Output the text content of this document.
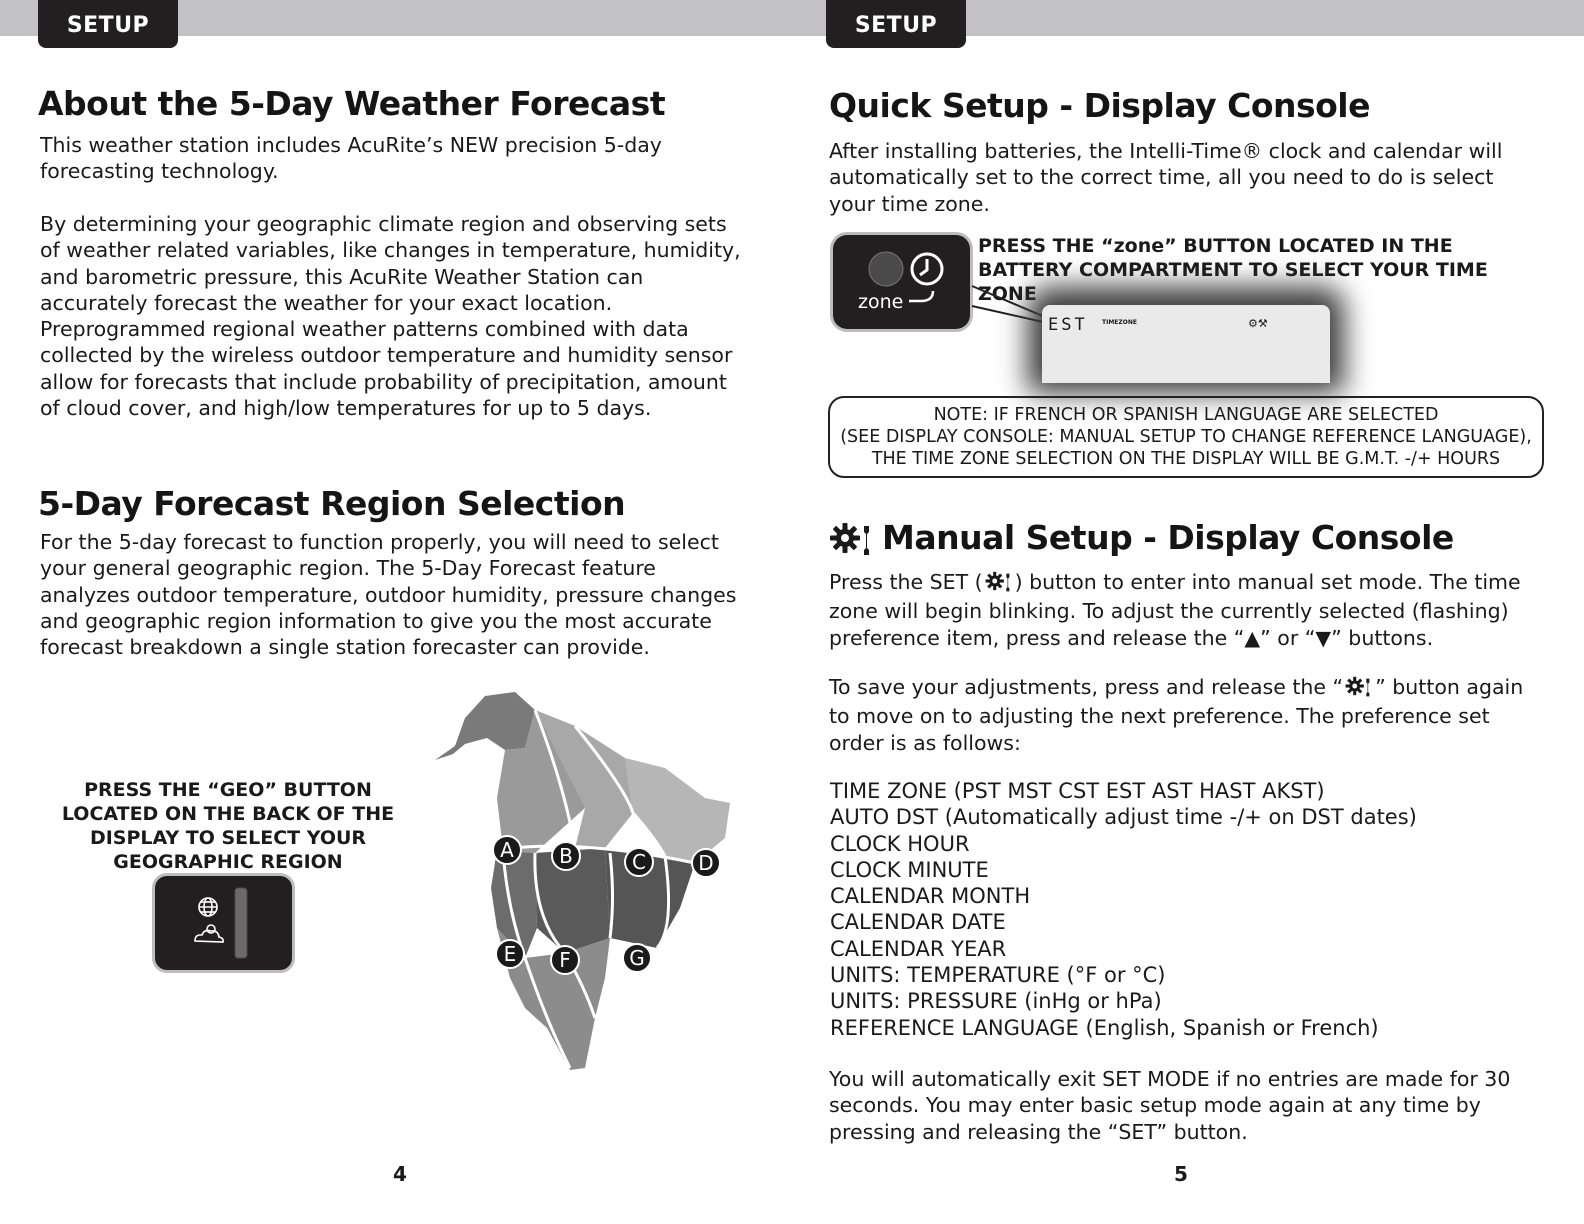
SETUP	SETUP
About the 5-Day Weather Forecast

This weather station includes AcuRite’s NEW precision 5-day forecasting technology.

By determining your geographic climate region and observing sets of weather related variables, like changes in temperature, humidity, and barometric pressure, this AcuRite Weather Station can accurately forecast the weather for your exact location. Preprogrammed regional weather patterns combined with data collected by the wireless outdoor temperature and humidity sensor allow for forecasts that include probability of precipitation, amount of cloud cover, and high/low temperatures for up to 5 days.

5-Day Forecast Region Selection

For the 5-day forecast to function properly, you will need to select your general geographic region. The 5-Day Forecast feature analyzes outdoor temperature, outdoor humidity, pressure changes and geographic region information to give you the most accurate forecast breakdown a single station forecaster can provide.

PRESS THE “GEO” BUTTON LOCATED ON THE BACK OF THE DISPLAY TO SELECT YOUR GEOGRAPHIC REGION	A B	C	D
E F	G
4
Quick Setup - Display Console

After installing batteries, the Intelli-Time® clock and calendar will automatically set to the correct time, all you need to do is select your time zone.

zone
PRESS THE “zone” BUTTON LOCATED IN THE BATTERY COMPARTMENT TO SELECT YOUR TIME ZONE
EST TIMEZONE	⚙⚒
NOTE: IF FRENCH OR SPANISH LANGUAGE ARE SELECTED
(SEE DISPLAY CONSOLE: MANUAL SETUP TO CHANGE REFERENCE LANGUAGE),
THE TIME ZONE SELECTION ON THE DISPLAY WILL BE G.M.T. -/+ HOURS
Manual Setup - Display Console

Press the SET ( ) button to enter into manual set mode. The time zone will begin blinking. To adjust the currently selected (flashing) preference item, press and release the “▲” or “▼” buttons.

To save your adjustments, press and release the “ ” button again to move on to adjusting the next preference. The preference set order is as follows:

TIME ZONE (PST MST CST EST AST HAST AKST)
AUTO DST (Automatically adjust time -/+ on DST dates)
CLOCK HOUR
CLOCK MINUTE
CALENDAR MONTH
CALENDAR DATE
CALENDAR YEAR
UNITS: TEMPERATURE (°F or °C)
UNITS: PRESSURE (inHg or hPa)
REFERENCE LANGUAGE (English, Spanish or French)

You will automatically exit SET MODE if no entries are made for 30 seconds. You may enter basic setup mode again at any time by pressing and releasing the “SET” button.

5
